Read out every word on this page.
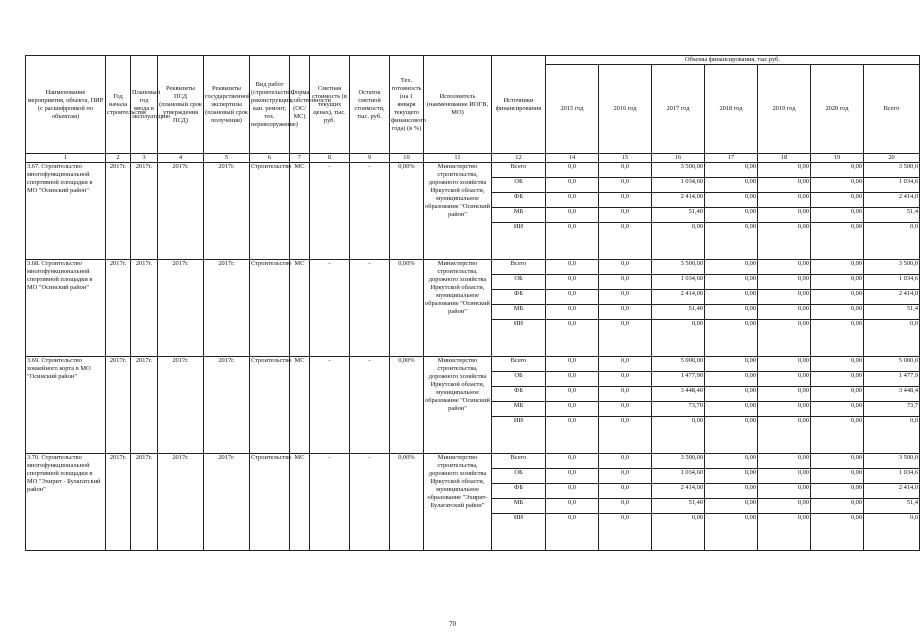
Наименование мероприятия, объекта, ПИР (с расшифровкой по объектам)	Год начала строительства	Плановый год ввода в эксплуатацию	Реквизиты ПСД (плановый срок утверждения ПСД)	Реквизиты государственной экспертизы (плановый срок получения)	Вид работ (строительство, реконструкция, кап. ремонт, тех. перевооружение)	Форма собственности (ОС/МС)	Сметная стоимость (в текущих ценах), тыс. руб.	Остаток сметной стоимости, тыс. руб.	Тех. готовность (на 1 января текущего финансового года) (в %)	Исполнитель (наименование ИОГВ, МО)	Источники финансирования	Объемы финансирования, тыс.руб.						
												2015 год	2016 год	2017 год	2018 год	2019 год	2020 год	Всего
1	2	3	4	5	6	7	8	9	10	11	12	14	15	16	17	18	19	20
3.67. Строительство многофункциональной спортивной площадки в МО "Осинский район"	2017г.	2017г.	2017г.	2017г.	Строительство	МС	-	-	0,00%	Министерство строительства, дорожного хозяйства Иркутской области, муниципальное образование "Осинский район"	Всего	0,0	0,0	3 500,00	0,00	0,00	0,00	3 500,0
											ОБ	0,0	0,0	1 034,60	0,00	0,00	0,00	1 034,6
											ФБ	0,0	0,0	2 414,00	0,00	0,00	0,00	2 414,0
											МБ	0,0	0,0	51,40	0,00	0,00	0,00	51,4
											ИИ	0,0	0,0	0,00	0,00	0,00	0,00	0,0
3.68. Строительство многофункциональной спортивной площадки в МО "Осинский район"	2017г.	2017г.	2017г.	2017г.	Строительство	МС	-	-	0,00%	Министерство строительства, дорожного хозяйства Иркутской области, муниципальное образование "Осинский район"	Всего	0,0	0,0	3 500,00	0,00	0,00	0,00	3 500,0
											ОБ	0,0	0,0	1 034,60	0,00	0,00	0,00	1 034,6
											ФБ	0,0	0,0	2 414,00	0,00	0,00	0,00	2 414,0
											МБ	0,0	0,0	51,40	0,00	0,00	0,00	51,4
											ИИ	0,0	0,0	0,00	0,00	0,00	0,00	0,0
3.69. Строительство хоккейного корта в МО "Осинский район"	2017г.	2017г.	2017г.	2017г.	Строительство	МС	-	-	0,00%	Министерство строительства, дорожного хозяйства Иркутской области, муниципальное образование "Осинский район"	Всего	0,0	0,0	5 000,00	0,00	0,00	0,00	5 000,0
											ОБ	0,0	0,0	1 477,90	0,00	0,00	0,00	1 477,9
											ФБ	0,0	0,0	3 448,40	0,00	0,00	0,00	3 448,4
											МБ	0,0	0,0	73,70	0,00	0,00	0,00	73,7
											ИИ	0,0	0,0	0,00	0,00	0,00	0,00	0,0
3.70. Строительство многофункциональной спортивной площадки в МО "Эхирит - Булагатский район"	2017г.	2017г.	2017г.	2017г.	Строительство	МС	-	-	0,00%	Министерство строительства, дорожного хозяйства Иркутской области, муниципальное образование "Эхирит-Булагатский район"	Всего	0,0	0,0	3 500,00	0,00	0,00	0,00	3 500,0
											ОБ	0,0	0,0	1 034,60	0,00	0,00	0,00	1 034,6
											ФБ	0,0	0,0	2 414,00	0,00	0,00	0,00	2 414,0
											МБ	0,0	0,0	51,40	0,00	0,00	0,00	51,4
											ИИ	0,0	0,0	0,00	0,00	0,00	0,00	0,0
70
